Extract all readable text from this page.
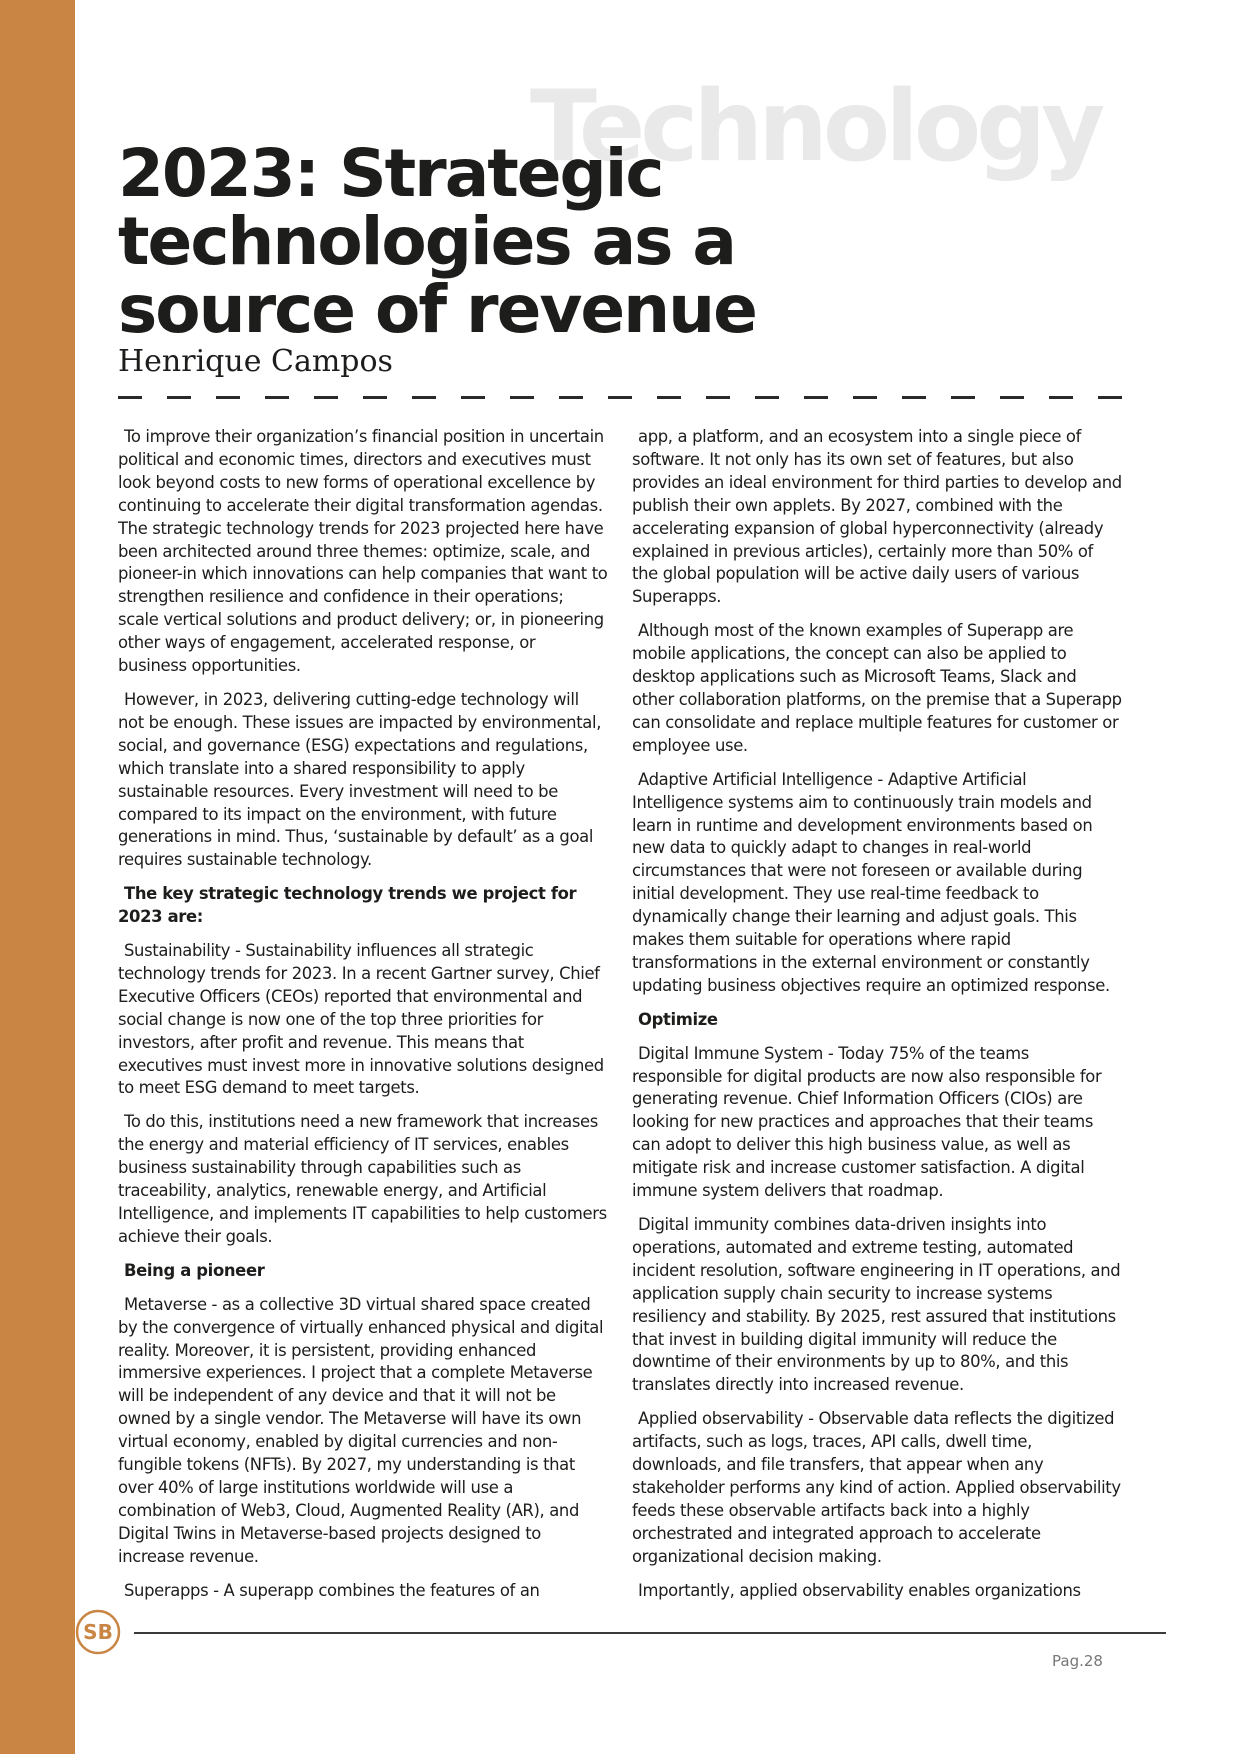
Technology
2023: Strategic technologies as a source of revenue
Henrique Campos

To improve their organization’s financial position in uncertain political and economic times, directors and executives must look beyond costs to new forms of operational excellence by continuing to accelerate their digital transformation agendas. The strategic technology trends for 2023 projected here have been architected around three themes: optimize, scale, and pioneer-in which innovations can help companies that want to strengthen resilience and confidence in their operations; scale vertical solutions and product delivery; or, in pioneering other ways of engagement, accelerated response, or business opportunities.

However, in 2023, delivering cutting-edge technology will not be enough. These issues are impacted by environmental, social, and governance (ESG) expectations and regulations, which translate into a shared responsibility to apply sustainable resources. Every investment will need to be compared to its impact on the environment, with future generations in mind. Thus, ‘sustainable by default’ as a goal requires sustainable technology.

The key strategic technology trends we project for 2023 are:

Sustainability - Sustainability influences all strategic technology trends for 2023. In a recent Gartner survey, Chief Executive Officers (CEOs) reported that environmental and social change is now one of the top three priorities for investors, after profit and revenue. This means that executives must invest more in innovative solutions designed to meet ESG demand to meet targets.

To do this, institutions need a new framework that increases the energy and material efficiency of IT services, enables business sustainability through capabilities such as traceability, analytics, renewable energy, and Artificial Intelligence, and implements IT capabilities to help customers achieve their goals.

Being a pioneer

Metaverse - as a collective 3D virtual shared space created by the convergence of virtually enhanced physical and digital reality. Moreover, it is persistent, providing enhanced immersive experiences. I project that a complete Metaverse will be independent of any device and that it will not be owned by a single vendor. The Metaverse will have its own virtual economy, enabled by digital currencies and non-fungible tokens (NFTs). By 2027, my understanding is that over 40% of large institutions worldwide will use a combination of Web3, Cloud, Augmented Reality (AR), and Digital Twins in Metaverse-based projects designed to increase revenue.

Superapps - A superapp combines the features of an

app, a platform, and an ecosystem into a single piece of software. It not only has its own set of features, but also provides an ideal environment for third parties to develop and publish their own applets. By 2027, combined with the accelerating expansion of global hyperconnectivity (already explained in previous articles), certainly more than 50% of the global population will be active daily users of various Superapps.

Although most of the known examples of Superapp are mobile applications, the concept can also be applied to desktop applications such as Microsoft Teams, Slack and other collaboration platforms, on the premise that a Superapp can consolidate and replace multiple features for customer or employee use.

Adaptive Artificial Intelligence - Adaptive Artificial Intelligence systems aim to continuously train models and learn in runtime and development environments based on new data to quickly adapt to changes in real-world circumstances that were not foreseen or available during initial development. They use real-time feedback to dynamically change their learning and adjust goals. This makes them suitable for operations where rapid transformations in the external environment or constantly updating business objectives require an optimized response.

Optimize

Digital Immune System - Today 75% of the teams responsible for digital products are now also responsible for generating revenue. Chief Information Officers (CIOs) are looking for new practices and approaches that their teams can adopt to deliver this high business value, as well as mitigate risk and increase customer satisfaction. A digital immune system delivers that roadmap.

Digital immunity combines data-driven insights into operations, automated and extreme testing, automated incident resolution, software engineering in IT operations, and application supply chain security to increase systems resiliency and stability. By 2025, rest assured that institutions that invest in building digital immunity will reduce the downtime of their environments by up to 80%, and this translates directly into increased revenue.

Applied observability - Observable data reflects the digitized artifacts, such as logs, traces, API calls, dwell time, downloads, and file transfers, that appear when any stakeholder performs any kind of action. Applied observability feeds these observable artifacts back into a highly orchestrated and integrated approach to accelerate organizational decision making.

Importantly, applied observability enables organizations

SB
Pag.28
